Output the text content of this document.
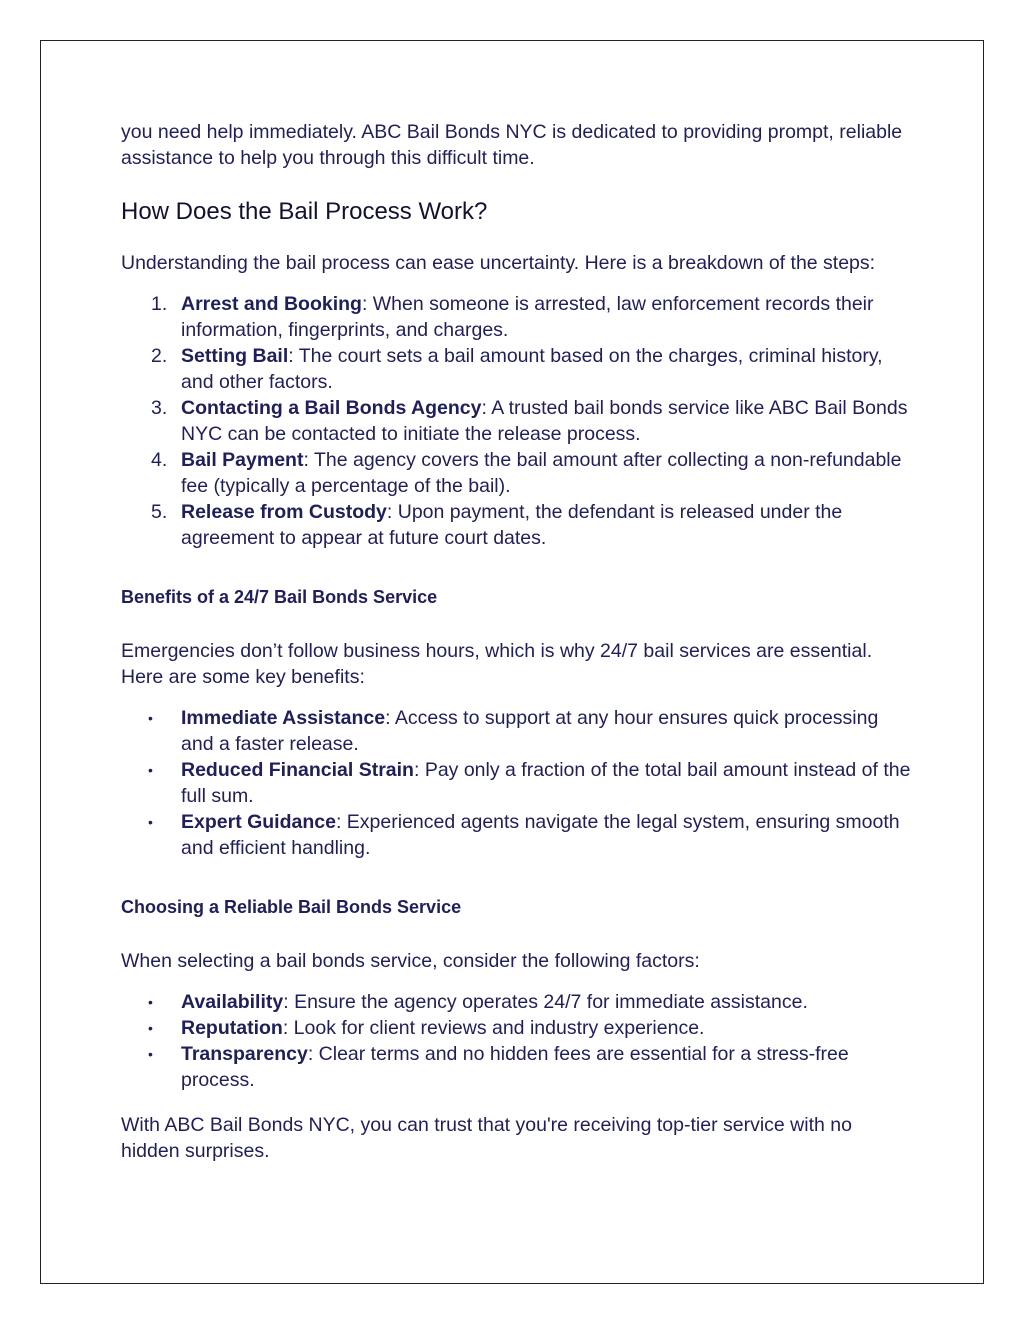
you need help immediately. ABC Bail Bonds NYC is dedicated to providing prompt, reliable assistance to help you through this difficult time.

How Does the Bail Process Work?

Understanding the bail process can ease uncertainty. Here is a breakdown of the steps:

1. Arrest and Booking: When someone is arrested, law enforcement records their information, fingerprints, and charges.
2. Setting Bail: The court sets a bail amount based on the charges, criminal history, and other factors.
3. Contacting a Bail Bonds Agency: A trusted bail bonds service like ABC Bail Bonds NYC can be contacted to initiate the release process.
4. Bail Payment: The agency covers the bail amount after collecting a non-refundable fee (typically a percentage of the bail).
5. Release from Custody: Upon payment, the defendant is released under the agreement to appear at future court dates.
Benefits of a 24/7 Bail Bonds Service

Emergencies don’t follow business hours, which is why 24/7 bail services are essential. Here are some key benefits:

•	Immediate Assistance: Access to support at any hour ensures quick processing and a faster release.
•	Reduced Financial Strain: Pay only a fraction of the total bail amount instead of the full sum.
•	Expert Guidance: Experienced agents navigate the legal system, ensuring smooth and efficient handling.
Choosing a Reliable Bail Bonds Service

When selecting a bail bonds service, consider the following factors:

•	Availability: Ensure the agency operates 24/7 for immediate assistance.
•	Reputation: Look for client reviews and industry experience.
•	Transparency: Clear terms and no hidden fees are essential for a stress-free process.

With ABC Bail Bonds NYC, you can trust that you're receiving top-tier service with no hidden surprises.
